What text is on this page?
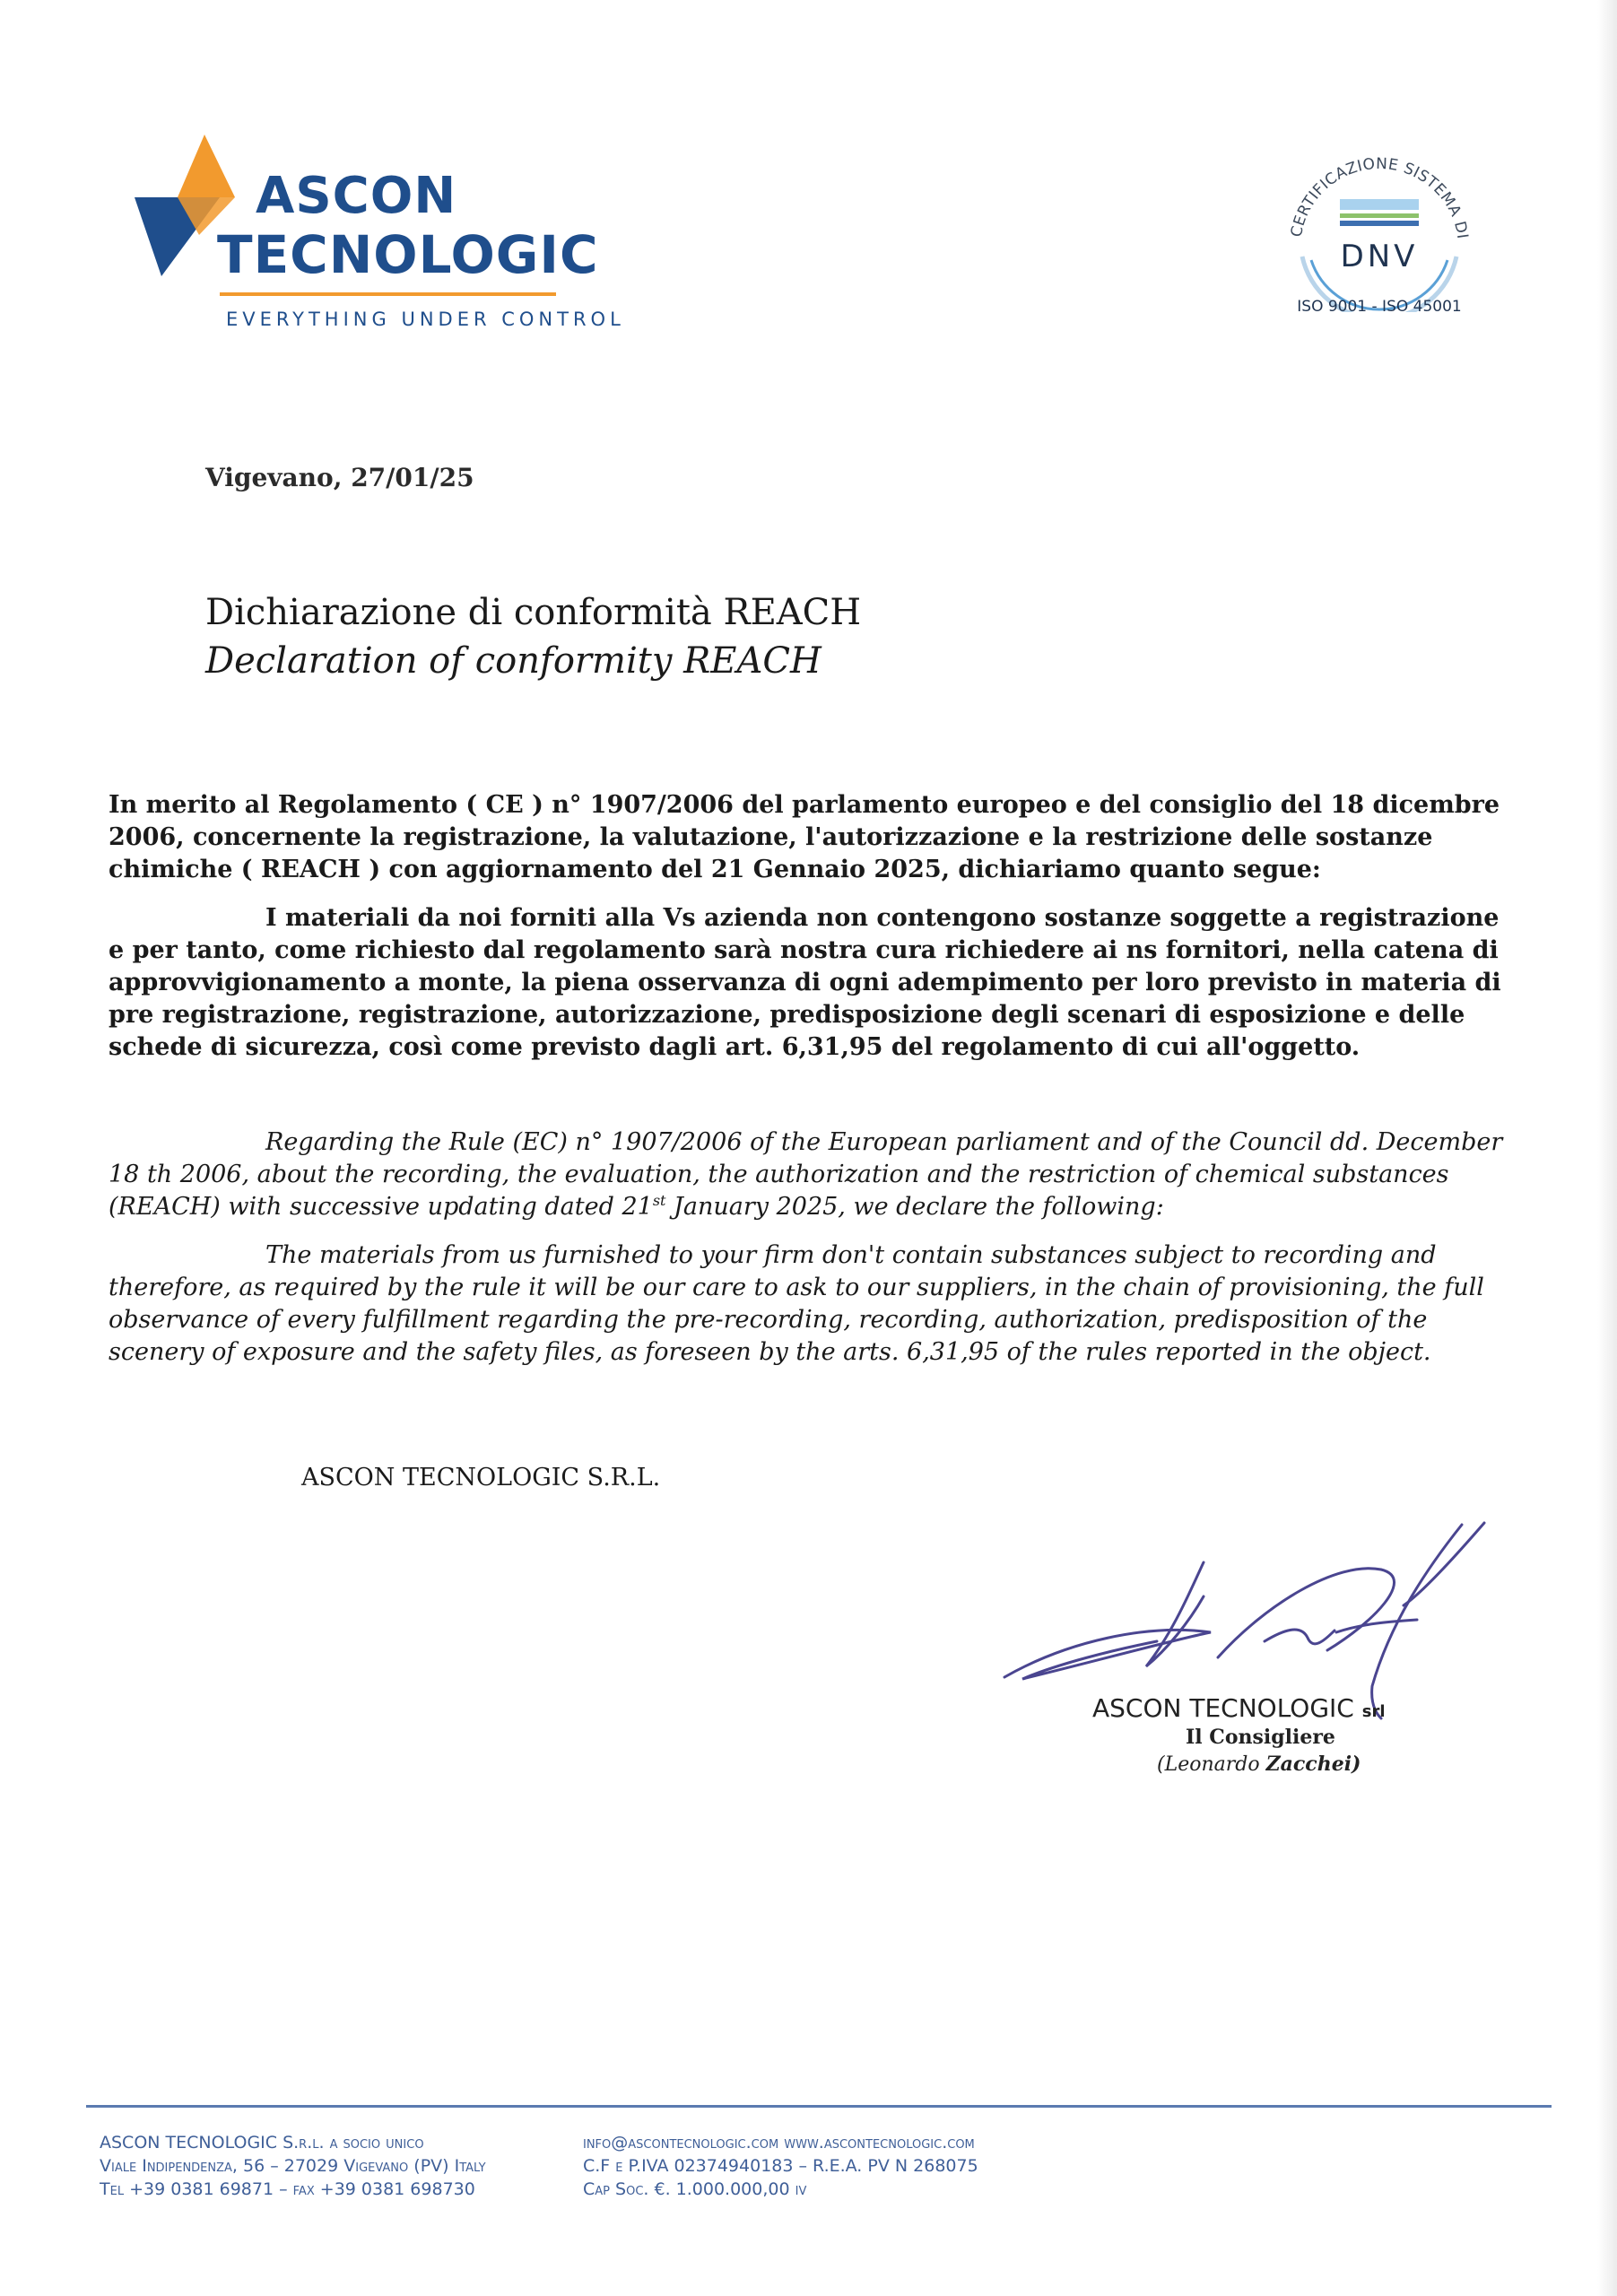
ASCON
TECNOLOGIC
EVERYTHING UNDER CONTROL
CERTIFICAZIONE SISTEMA DI
DNV
ISO 9001 - ISO 45001
Vigevano, 27/01/25
Dichiarazione di conformità REACH
Declaration of conformity REACH
In merito al Regolamento ( CE ) n° 1907/2006 del parlamento europeo e del consiglio del 18 dicembre 2006, concernente la registrazione, la valutazione, l'autorizzazione e la restrizione delle sostanze chimiche ( REACH ) con aggiornamento del 21 Gennaio 2025, dichiariamo quanto segue:
I materiali da noi forniti alla Vs azienda non contengono sostanze soggette a registrazione e per tanto, come richiesto dal regolamento sarà nostra cura richiedere ai ns fornitori, nella catena di approvvigionamento a monte, la piena osservanza di ogni adempimento per loro previsto in materia di pre registrazione, registrazione, autorizzazione, predisposizione degli scenari di esposizione e delle schede di sicurezza, così come previsto dagli art. 6,31,95 del regolamento di cui all'oggetto.
Regarding the Rule (EC) n° 1907/2006 of the European parliament and of the Council dd. December 18 th 2006, about the recording, the evaluation, the authorization and the restriction of chemical substances (REACH) with successive updating dated 21st January 2025, we declare the following:
The materials from us furnished to your firm don't contain substances subject to recording and therefore, as required by the rule it will be our care to ask to our suppliers, in the chain of provisioning, the full observance of every fulfillment regarding the pre-recording, recording, authorization, predisposition of the scenery of exposure and the safety files, as foreseen by the arts. 6,31,95 of the rules reported in the object.
ASCON TECNOLOGIC S.R.L.
ASCON TECNOLOGIC srl
Il Consigliere
(Leonardo Zacchei)
ASCON TECNOLOGIC S.r.l. a socio unico
Viale Indipendenza, 56 – 27029 Vigevano (PV) Italy
Tel +39 0381 69871 – fax +39 0381 698730
info@ascontecnologic.com www.ascontecnologic.com
C.F e P.IVA 02374940183 – R.E.A. PV N 268075
Cap Soc. €. 1.000.000,00 iv
